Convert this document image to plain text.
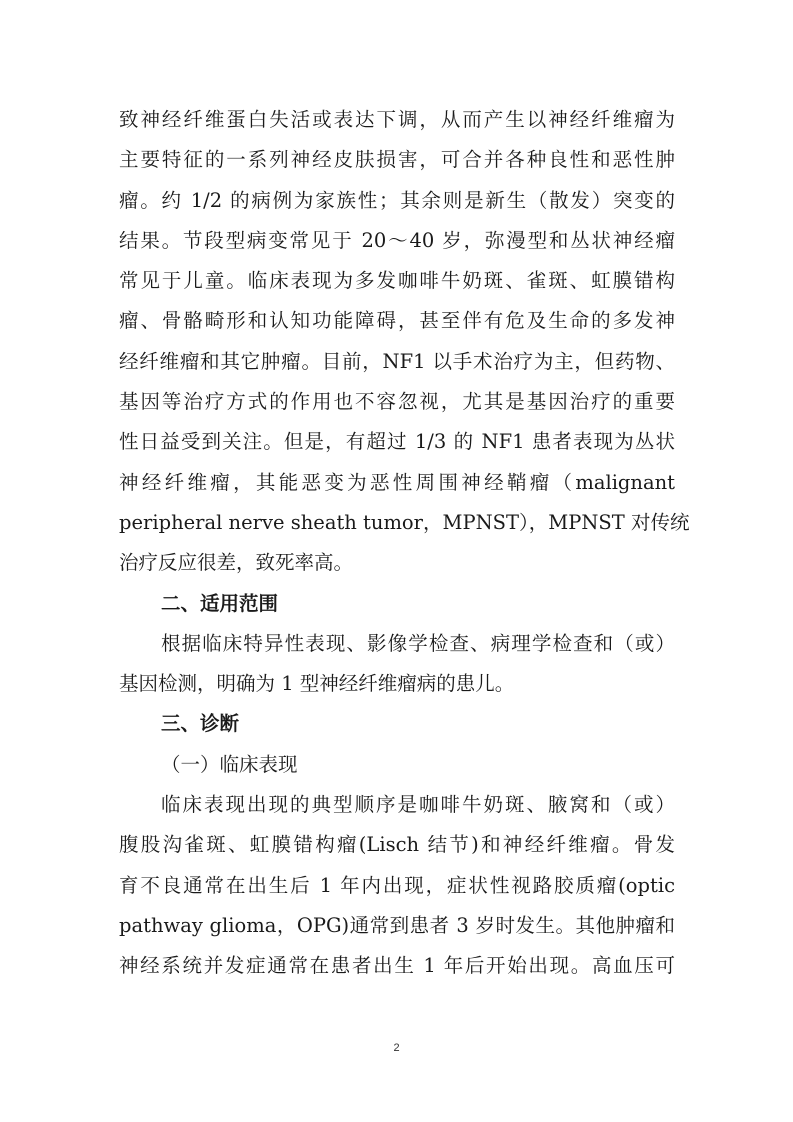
致神经纤维蛋白失活或表达下调，从而产生以神经纤维瘤为
主要特征的一系列神经皮肤损害，可合并各种良性和恶性肿
瘤。约 1/2 的病例为家族性；其余则是新生（散发）突变的
结果。节段型病变常见于 20～40 岁，弥漫型和丛状神经瘤
常见于儿童。临床表现为多发咖啡牛奶斑、雀斑、虹膜错构
瘤、骨骼畸形和认知功能障碍，甚至伴有危及生命的多发神
经纤维瘤和其它肿瘤。目前，NF1 以手术治疗为主，但药物、
基因等治疗方式的作用也不容忽视，尤其是基因治疗的重要
性日益受到关注。但是，有超过 1/3 的 NF1 患者表现为丛状
神经纤维瘤，其能恶变为恶性周围神经鞘瘤（malignant
peripheral nerve sheath tumor，MPNST），MPNST 对传统
治疗反应很差，致死率高。
二、适用范围
根据临床特异性表现、影像学检查、病理学检查和（或）
基因检测，明确为 1 型神经纤维瘤病的患儿。
三、诊断
（一）临床表现
临床表现出现的典型顺序是咖啡牛奶斑、腋窝和（或）
腹股沟雀斑、虹膜错构瘤(Lisch 结节)和神经纤维瘤。骨发
育不良通常在出生后 1 年内出现，症状性视路胶质瘤(optic
pathway glioma，OPG)通常到患者 3 岁时发生。其他肿瘤和
神经系统并发症通常在患者出生 1 年后开始出现。高血压可
2
